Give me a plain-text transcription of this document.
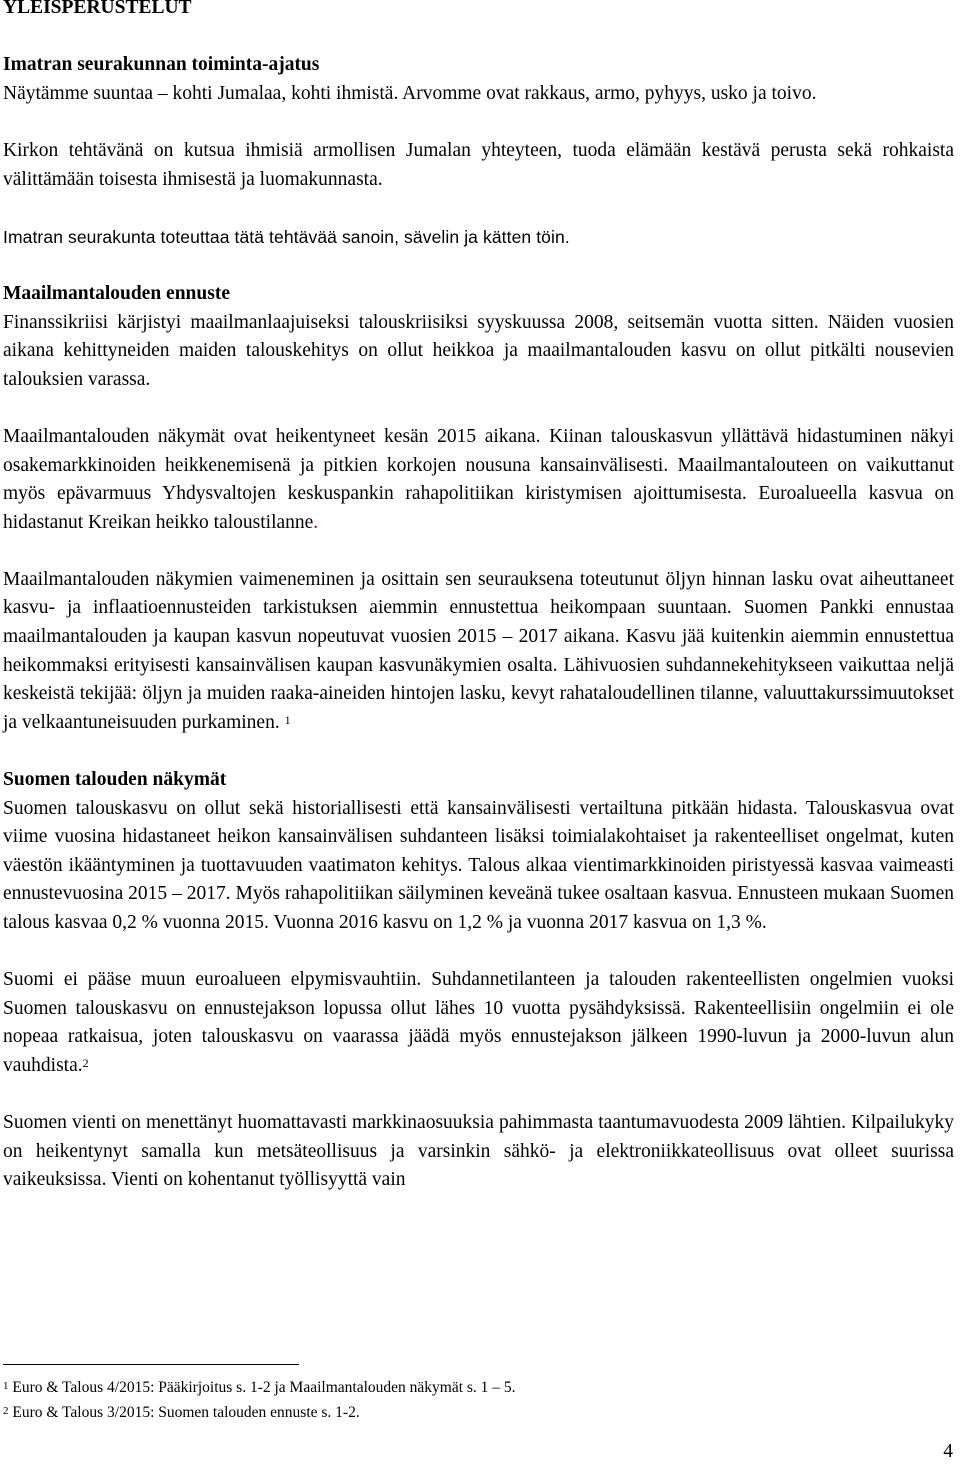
YLEISPERUSTELUT
Imatran seurakunnan toiminta-ajatus

Näytämme suuntaa – kohti Jumalaa, kohti ihmistä. Arvomme ovat rakkaus, armo, pyhyys, usko ja toivo.

Kirkon tehtävänä on kutsua ihmisiä armollisen Jumalan yhteyteen, tuoda elämään kestävä perusta sekä rohkaista välittämään toisesta ihmisestä ja luomakunnasta.

Imatran seurakunta toteuttaa tätä tehtävää sanoin, sävelin ja kätten töin.

Maailmantalouden ennuste

Finanssikriisi kärjistyi maailmanlaajuiseksi talouskriisiksi syyskuussa 2008, seitsemän vuotta sitten. Näiden vuosien aikana kehittyneiden maiden talouskehitys on ollut heikkoa ja maailmantalouden kasvu on ollut pitkälti nousevien talouksien varassa.

Maailmantalouden näkymät ovat heikentyneet kesän 2015 aikana. Kiinan talouskasvun yllättävä hidastuminen näkyi osakemarkkinoiden heikkenemisenä ja pitkien korkojen nousuna kansainvälisesti. Maailmantalouteen on vaikuttanut myös epävarmuus Yhdysvaltojen keskuspankin rahapolitiikan kiristymisen ajoittumisesta. Euroalueella kasvua on hidastanut Kreikan heikko taloustilanne.

Maailmantalouden näkymien vaimeneminen ja osittain sen seurauksena toteutunut öljyn hinnan lasku ovat aiheuttaneet kasvu- ja inflaatioennusteiden tarkistuksen aiemmin ennustettua heikompaan suuntaan. Suomen Pankki ennustaa maailmantalouden ja kaupan kasvun nopeutuvat vuosien 2015 – 2017 aikana. Kasvu jää kuitenkin aiemmin ennustettua heikommaksi erityisesti kansainvälisen kaupan kasvunäkymien osalta. Lähivuosien suhdannekehitykseen vaikuttaa neljä keskeistä tekijää: öljyn ja muiden raaka-aineiden hintojen lasku, kevyt rahataloudellinen tilanne, valuuttakurssimuutokset ja velkaantuneisuuden purkaminen. $^1$

Suomen talouden näkymät

Suomen talouskasvu on ollut sekä historiallisesti että kansainvälisesti vertailtuna pitkään hidasta. Talouskasvua ovat viime vuosina hidastaneet heikon kansainvälisen suhdanteen lisäksi toimialakohtaiset ja rakenteelliset ongelmat, kuten väestön ikääntyminen ja tuottavuuden vaatimaton kehitys. Talous alkaa vientimarkkinoiden piristyessä kasvaa vaimeasti ennustevuosina 2015 – 2017. Myös rahapolitiikan säilyminen keveänä tukee osaltaan kasvua. Ennusteen mukaan Suomen talous kasvaa 0,2 % vuonna 2015. Vuonna 2016 kasvu on 1,2 % ja vuonna 2017 kasvua on 1,3 %.

Suomi ei pääse muun euroalueen elpymisvauhtiin. Suhdannetilanteen ja talouden rakenteellisten ongelmien vuoksi Suomen talouskasvu on ennustejakson lopussa ollut lähes 10 vuotta pysähdyksissä. Rakenteellisiin ongelmiin ei ole nopeaa ratkaisua, joten talouskasvu on vaarassa jäädä myös ennustejakson jälkeen 1990-luvun ja 2000-luvun alun vauhdista.$^2$

Suomen vienti on menettänyt huomattavasti markkinaosuuksia pahimmasta taantumavuodesta 2009 lähtien. Kilpailukyky on heikentynyt samalla kun metsäteollisuus ja varsinkin sähkö- ja elektroniikkateollisuus ovat olleet suurissa vaikeuksissa. Vienti on kohentanut työllisyyttä vain

$^1$ Euro & Talous 4/2015: Pääkirjoitus s. 1-2 ja Maailmantalouden näkymät s. 1 – 5.

$^2$ Euro & Talous 3/2015: Suomen talouden ennuste s. 1-2.

4
